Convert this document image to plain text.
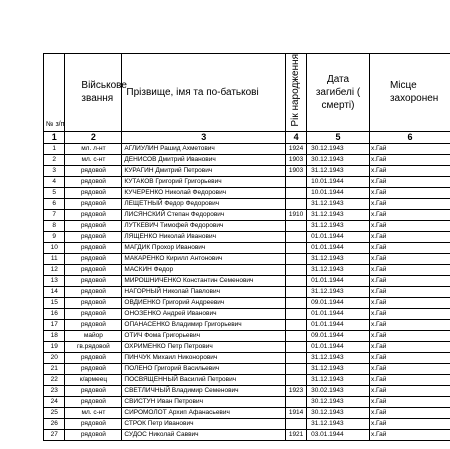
№ з/п	Військове звання	Прізвище, імя та по-батькові	Рік народження	Дата загибелі ( смерті)	Місце захоронен
1	2	3	4	5	6
1	мл. л-нт	АГЛИУЛИН Рашид Ахметович	1924	30.12.1943	х.Гай
2	мл. с-нт	ДЕНИСОВ Дмитрий Иванович	1903	30.12.1943	х.Гай
3	рядовой	КУРАГИН Дмитрий Петрович	1903	31.12.1943	х.Гай
4	рядовой	КУТАКОВ Григорий Григорьевич		10.01.1944	х.Гай
5	рядовой	КУЧЕРЕНКО Николай Федорович		10.01.1944	х.Гай
6	рядовой	ЛЕЩЕТНЫЙ Федор Федорович		31.12.1943	х.Гай
7	рядовой	ЛИСЯНСКИЙ Степан Федорович	1910	31.12.1943	х.Гай
8	рядовой	ЛУТКЕВИЧ Тимофей Федорович		31.12.1943	х.Гай
9	рядовой	ЛЯЩЕНКО Николай Иванович		01.01.1944	х.Гай
10	рядовой	МАГДИК Прохор Иванович		01.01.1944	х.Гай
11	рядовой	МАКАРЕНКО Кирилл Антонович		31.12.1943	х.Гай
12	рядовой	МАСКИН Федор		31.12.1943	х.Гай
13	рядовой	МИРОШНИЧЕНКО Константин Семенович		01.01.1944	х.Гай
14	рядовой	НАГОРНЫЙ Николай Павлович		31.12.1943	х.Гай
15	рядовой	ОВДИЕНКО Григорий Андреевич		09.01.1944	х.Гай
16	рядовой	ОНОЗЕНКО Андрей Иванович		01.01.1944	х.Гай
17	рядовой	ОПАНАСЕНКО Владимир Григорьевич		01.01.1944	х.Гай
18	майор	ОТИЧ Фома Григорьевич		09.01.1944	х.Гай
19	гв.рядовой	ОХРИМЕНКО Петр Петрович		01.01.1944	х.Гай
20	рядовой	ПИНЧУК Михаил Никонорович		31.12.1943	х.Гай
21	рядовой	ПОЛЕНО Григорий Васильевич		31.12.1943	х.Гай
22	к/армеец	ПОСВЯЩЕННЫЙ Василий Петрович		31.12.1943	х.Гай
23	рядовой	СВЕТЛИЧНЫЙ Владимир Семенович	1923	30.02.1943	х.Гай
24	рядовой	СВИСТУН Иван Петрович		30.12.1943	х.Гай
25	мл. с-нт	СИРОМОЛОТ Архип Афанасьевич	1914	30.12.1943	х.Гай
26	рядовой	СТРОК Петр Иванович		31.12.1943	х.Гай
27	рядовой	СУДОС Николай Саввич	1921	03.01.1944	х.Гай
